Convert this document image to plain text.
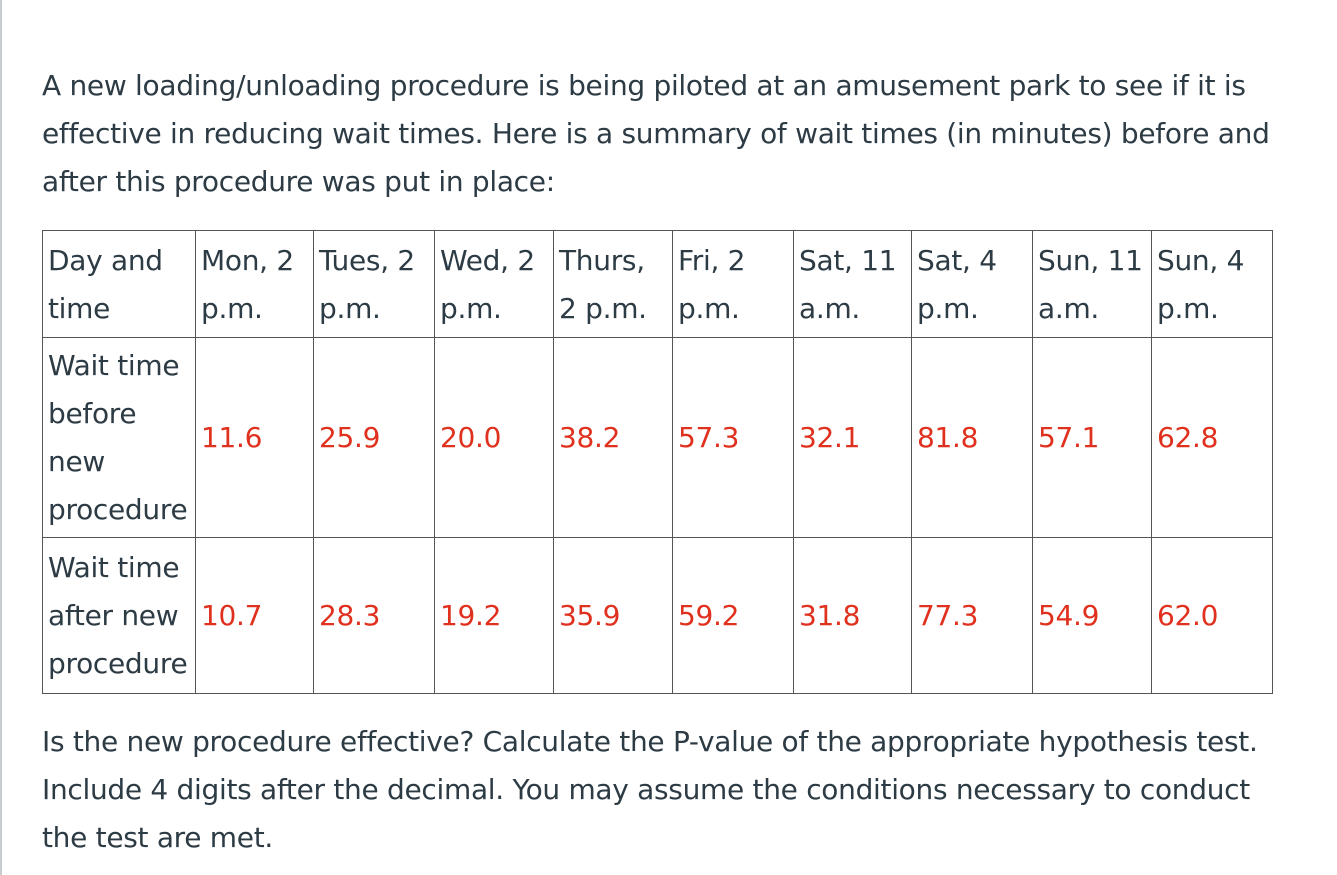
A new loading/unloading procedure is being piloted at an amusement park to see if it is effective in reducing wait times. Here is a summary of wait times (in minutes) before and after this procedure was put in place:

Day and time	Mon, 2 p.m.	Tues, 2 p.m.	Wed, 2 p.m.	Thurs, 2 p.m.	Fri, 2 p.m.	Sat, 11 a.m.	Sat, 4 p.m.	Sun, 11 a.m.	Sun, 4 p.m.
Wait time before new procedure	11.6	25.9	20.0	38.2	57.3	32.1	81.8	57.1	62.8
Wait time after new procedure	10.7	28.3	19.2	35.9	59.2	31.8	77.3	54.9	62.0

Is the new procedure effective? Calculate the P-value of the appropriate hypothesis test. Include 4 digits after the decimal. You may assume the conditions necessary to conduct the test are met.
